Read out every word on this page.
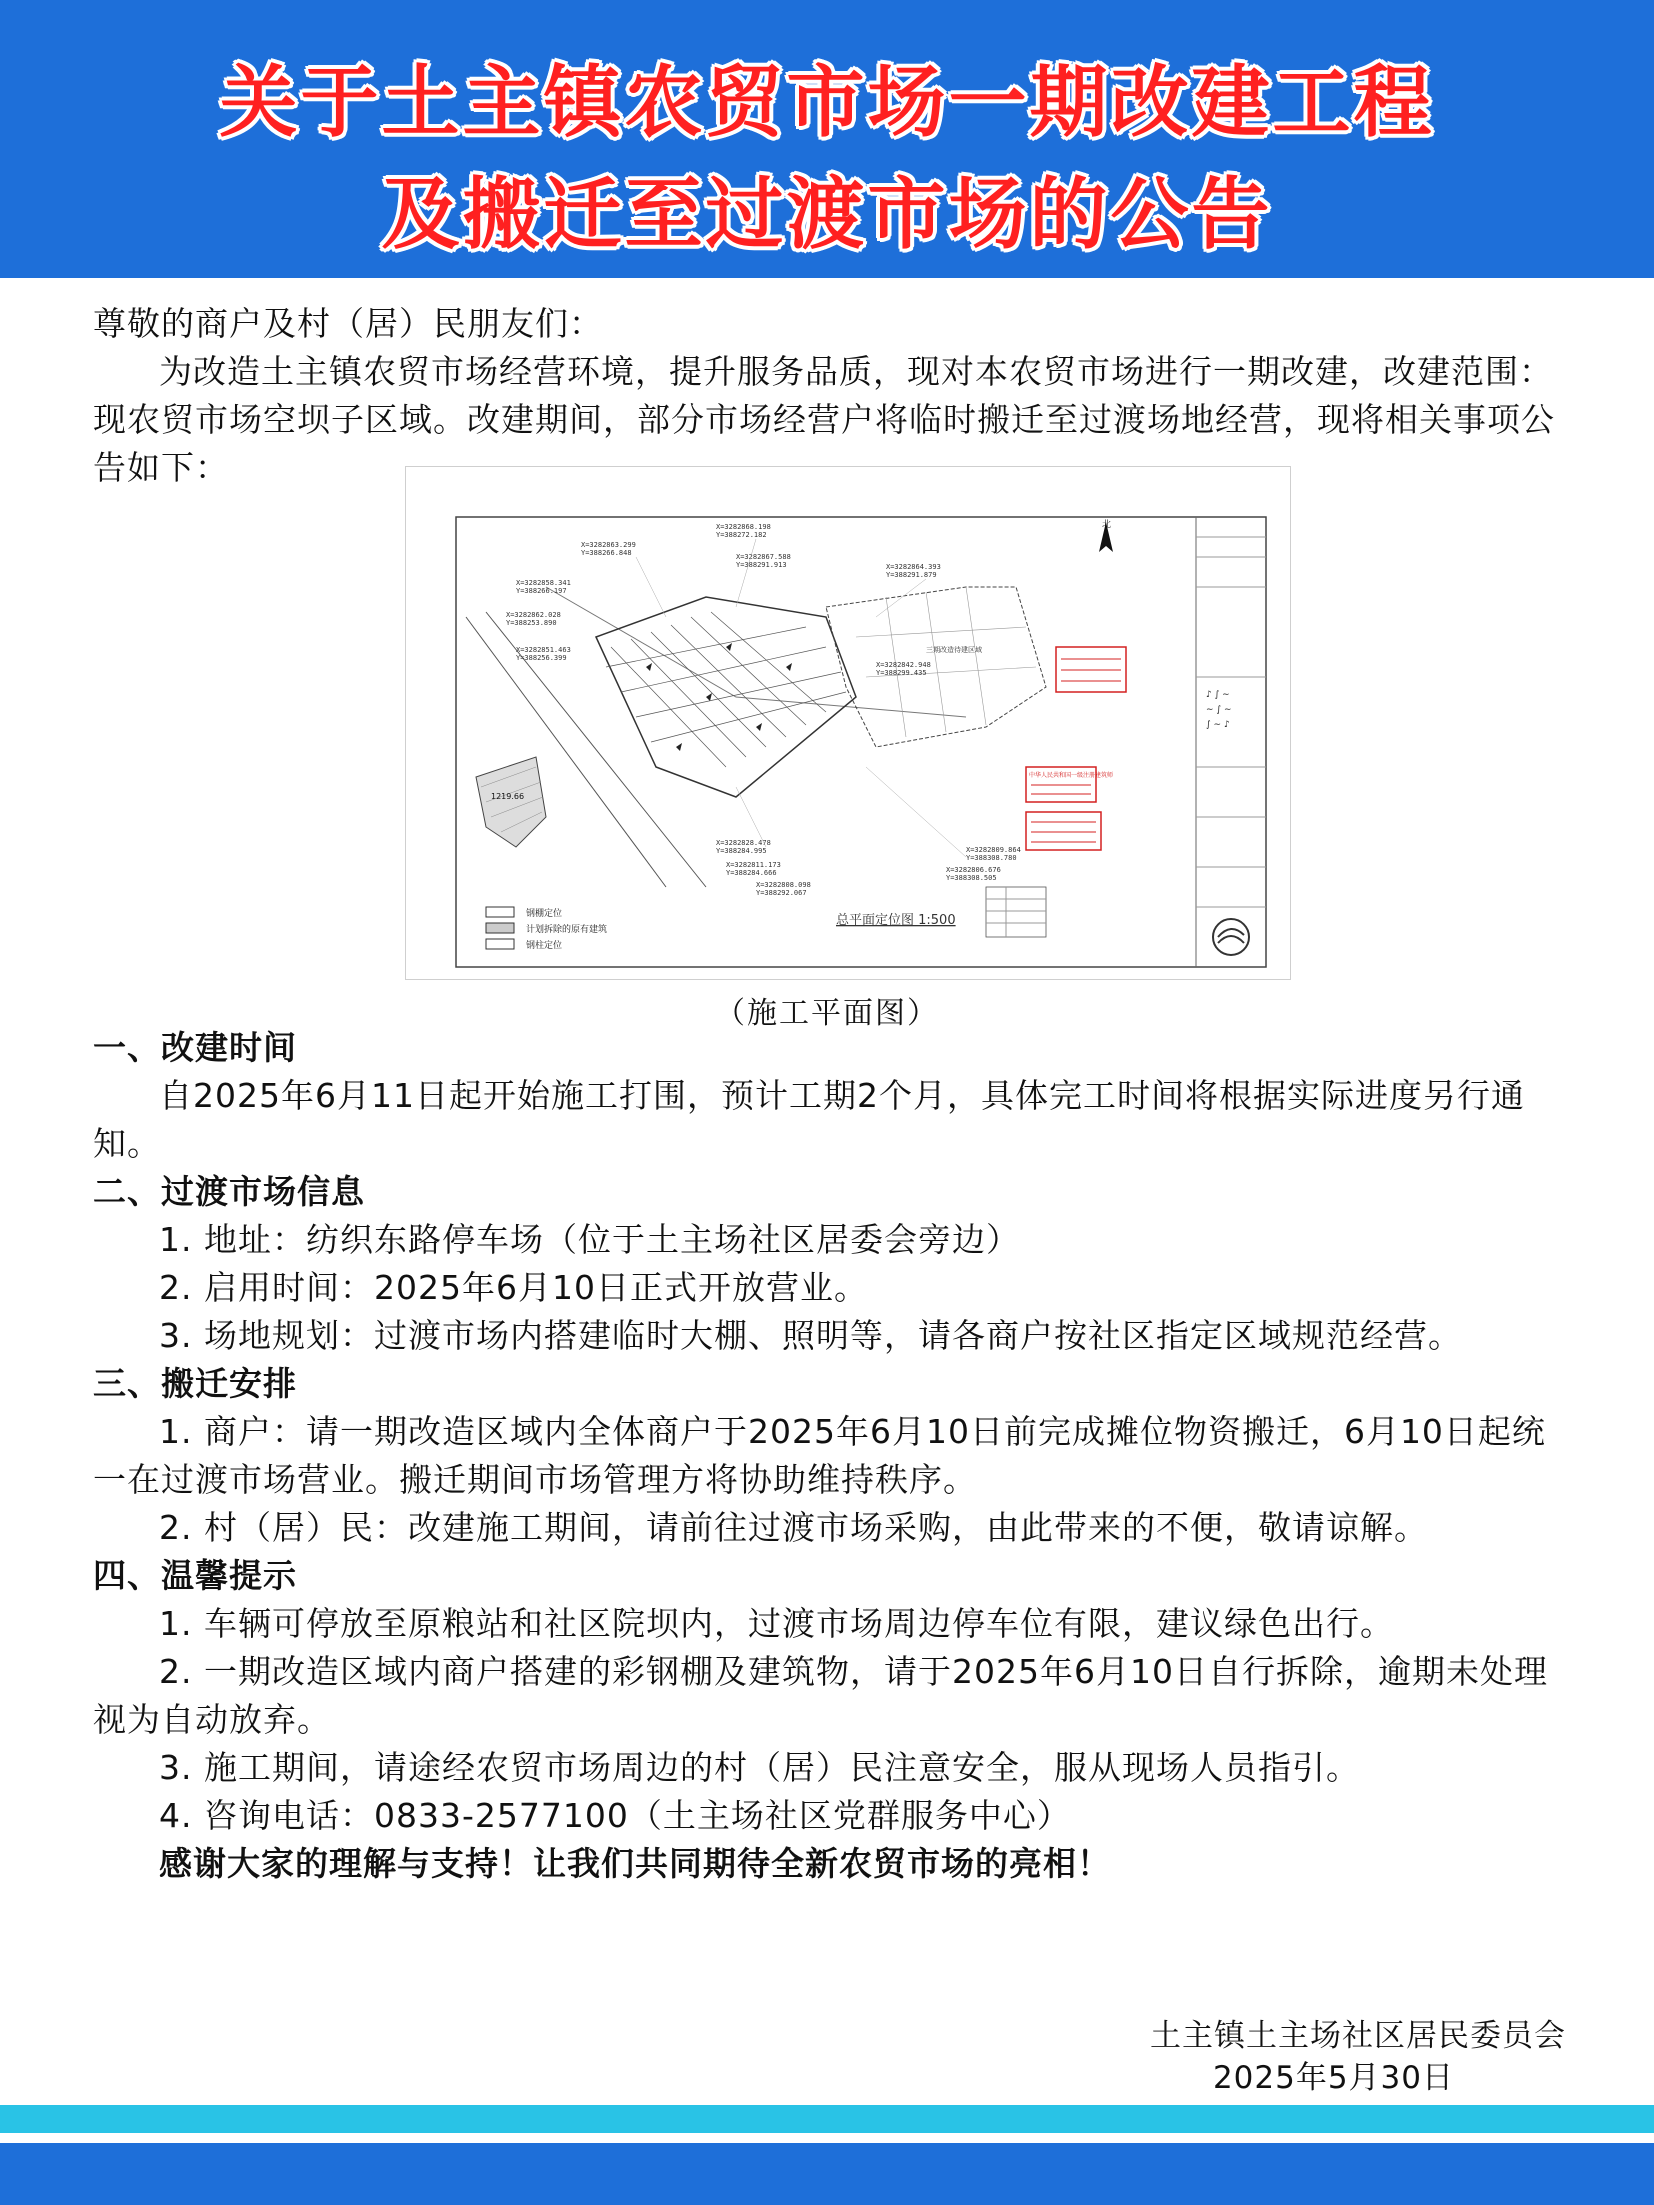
关于土主镇农贸市场一期改建工程
及搬迁至过渡市场的公告

尊敬的商户及村（居）民朋友们：

为改造土主镇农贸市场经营环境，提升服务品质，现对本农贸市场进行一期改建，改建范围：现农贸市场空坝子区域。改建期间，部分市场经营户将临时搬迁至过渡场地经营，现将相关事项公告如下：

♪ ∫ ∼
∼ ∫ ∼
∫ ∼ ♪
北
三期改造待建区域
1219.66
X=3282863.299
Y=388266.848
X=3282858.341
Y=388266.197
X=3282868.198
Y=388272.182
X=3282867.588
Y=388291.913	X=3282864.393
Y=388291.879
X=3282862.028
Y=388253.890
X=3282851.463
Y=388256.399
X=3282842.948
Y=388299.435
X=3282828.478
Y=388284.995
X=3282811.173
Y=388284.666
X=3282808.098
Y=388292.067
X=3282809.864
Y=388308.780
X=3282806.676
Y=388308.505
中华人民共和国一级注册建筑师
总平面定位图 1:500
钢棚定位
计划拆除的原有建筑
钢柱定位
（施工平面图）

一、改建时间

自2025年6月11日起开始施工打围，预计工期2个月，具体完工时间将根据实际进度另行通知。

二、过渡市场信息

1. 地址：纺织东路停车场（位于土主场社区居委会旁边）

2. 启用时间：2025年6月10日正式开放营业。

3. 场地规划：过渡市场内搭建临时大棚、照明等，请各商户按社区指定区域规范经营。

三、搬迁安排

1. 商户：请一期改造区域内全体商户于2025年6月10日前完成摊位物资搬迁，6月10日起统一在过渡市场营业。搬迁期间市场管理方将协助维持秩序。

2. 村（居）民：改建施工期间，请前往过渡市场采购，由此带来的不便，敬请谅解。

四、温馨提示

1. 车辆可停放至原粮站和社区院坝内，过渡市场周边停车位有限，建议绿色出行。

2. 一期改造区域内商户搭建的彩钢棚及建筑物，请于2025年6月10日自行拆除，逾期未处理视为自动放弃。

3. 施工期间，请途经农贸市场周边的村（居）民注意安全，服从现场人员指引。

4. 咨询电话：0833-2577100（土主场社区党群服务中心）

感谢大家的理解与支持！让我们共同期待全新农贸市场的亮相！

土主镇土主场社区居民委员会
2025年5月30日
